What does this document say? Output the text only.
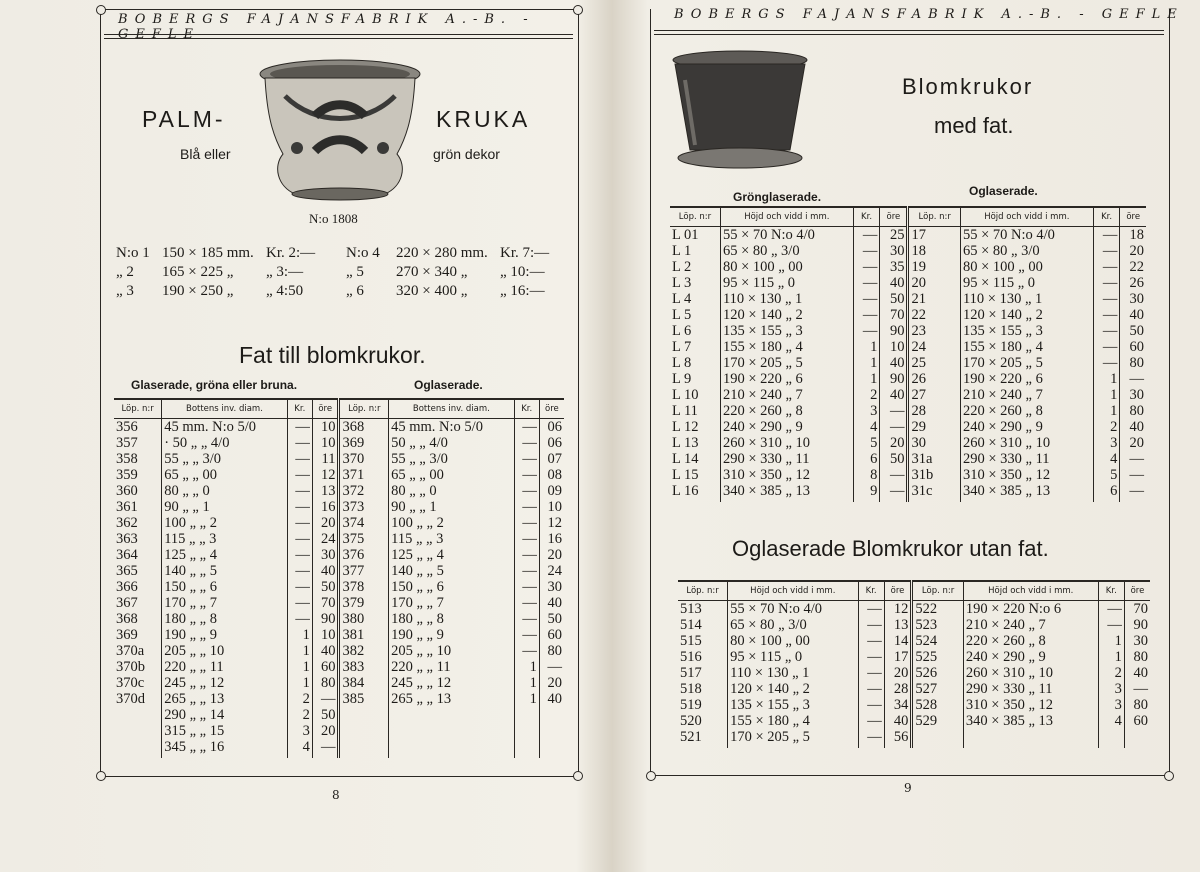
BOBERGS FAJANSFABRIK A.-B. - GEFLE
PALM-	KRUKA
Blå eller	grön dekor
N:o 1808
N:o 1 150 × 185 mm. Kr. 2:—
„ 2 165 × 225 „ „ 3:—
„ 3 190 × 250 „ „ 4:50
N:o 4 220 × 280 mm. Kr. 7:—
„ 5 270 × 340 „ „ 10:—
„ 6 320 × 400 „ „ 16:—
Fat till blomkrukor.
Glaserade, gröna eller bruna.	Oglaserade.
Löp. n:r	Bottens inv. diam.	Kr.	öre	Löp. n:r	Bottens inv. diam.	Kr.	öre
356	45 mm. N:o 5/0	—	10	368	45 mm. N:o 5/0	—	06
357	· 50 „ „ 4/0	—	10	369	50 „ „ 4/0	—	06
358	55 „ „ 3/0	—	11	370	55 „ „ 3/0	—	07
359	65 „ „ 00	—	12	371	65 „ „ 00	—	08
360	80 „ „ 0	—	13	372	80 „ „ 0	—	09
361	90 „ „ 1	—	16	373	90 „ „ 1	—	10
362	100 „ „ 2	—	20	374	100 „ „ 2	—	12
363	115 „ „ 3	—	24	375	115 „ „ 3	—	16
364	125 „ „ 4	—	30	376	125 „ „ 4	—	20
365	140 „ „ 5	—	40	377	140 „ „ 5	—	24
366	150 „ „ 6	—	50	378	150 „ „ 6	—	30
367	170 „ „ 7	—	70	379	170 „ „ 7	—	40
368	180 „ „ 8	—	90	380	180 „ „ 8	—	50
369	190 „ „ 9	1	10	381	190 „ „ 9	—	60
370a	205 „ „ 10	1	40	382	205 „ „ 10	—	80
370b	220 „ „ 11	1	60	383	220 „ „ 11	1	—
370c	245 „ „ 12	1	80	384	245 „ „ 12	1	20
370d	265 „ „ 13	2	—	385	265 „ „ 13	1	40
	290 „ „ 14	2	50				
	315 „ „ 15	3	20				
	345 „ „ 16	4	—				
8
BOBERGS FAJANSFABRIK A.-B. - GEFLE
Blomkrukor
med fat.
Grönglaserade.	Oglaserade.
Löp. n:r	Höjd och vidd i mm.	Kr.	öre	Löp. n:r	Höjd och vidd i mm.	Kr.	öre
L 01	55 × 70 N:o 4/0	—	25	17	55 × 70 N:o 4/0	—	18
L 1	65 × 80 „ 3/0	—	30	18	65 × 80 „ 3/0	—	20
L 2	80 × 100 „ 00	—	35	19	80 × 100 „ 00	—	22
L 3	95 × 115 „ 0	—	40	20	95 × 115 „ 0	—	26
L 4	110 × 130 „ 1	—	50	21	110 × 130 „ 1	—	30
L 5	120 × 140 „ 2	—	70	22	120 × 140 „ 2	—	40
L 6	135 × 155 „ 3	—	90	23	135 × 155 „ 3	—	50
L 7	155 × 180 „ 4	1	10	24	155 × 180 „ 4	—	60
L 8	170 × 205 „ 5	1	40	25	170 × 205 „ 5	—	80
L 9	190 × 220 „ 6	1	90	26	190 × 220 „ 6	1	—
L 10	210 × 240 „ 7	2	40	27	210 × 240 „ 7	1	30
L 11	220 × 260 „ 8	3	—	28	220 × 260 „ 8	1	80
L 12	240 × 290 „ 9	4	—	29	240 × 290 „ 9	2	40
L 13	260 × 310 „ 10	5	20	30	260 × 310 „ 10	3	20
L 14	290 × 330 „ 11	6	50	31a	290 × 330 „ 11	4	—
L 15	310 × 350 „ 12	8	—	31b	310 × 350 „ 12	5	—
L 16	340 × 385 „ 13	9	—	31c	340 × 385 „ 13	6	—
Oglaserade Blomkrukor utan fat.
Löp. n:r	Höjd och vidd i mm.	Kr.	öre	Löp. n:r	Höjd och vidd i mm.	Kr.	öre
513	55 × 70 N:o 4/0	—	12	522	190 × 220 N:o 6	—	70
514	65 × 80 „ 3/0	—	13	523	210 × 240 „ 7	—	90
515	80 × 100 „ 00	—	14	524	220 × 260 „ 8	1	30
516	95 × 115 „ 0	—	17	525	240 × 290 „ 9	1	80
517	110 × 130 „ 1	—	20	526	260 × 310 „ 10	2	40
518	120 × 140 „ 2	—	28	527	290 × 330 „ 11	3	—
519	135 × 155 „ 3	—	34	528	310 × 350 „ 12	3	80
520	155 × 180 „ 4	—	40	529	340 × 385 „ 13	4	60
521	170 × 205 „ 5	—	56				
9
